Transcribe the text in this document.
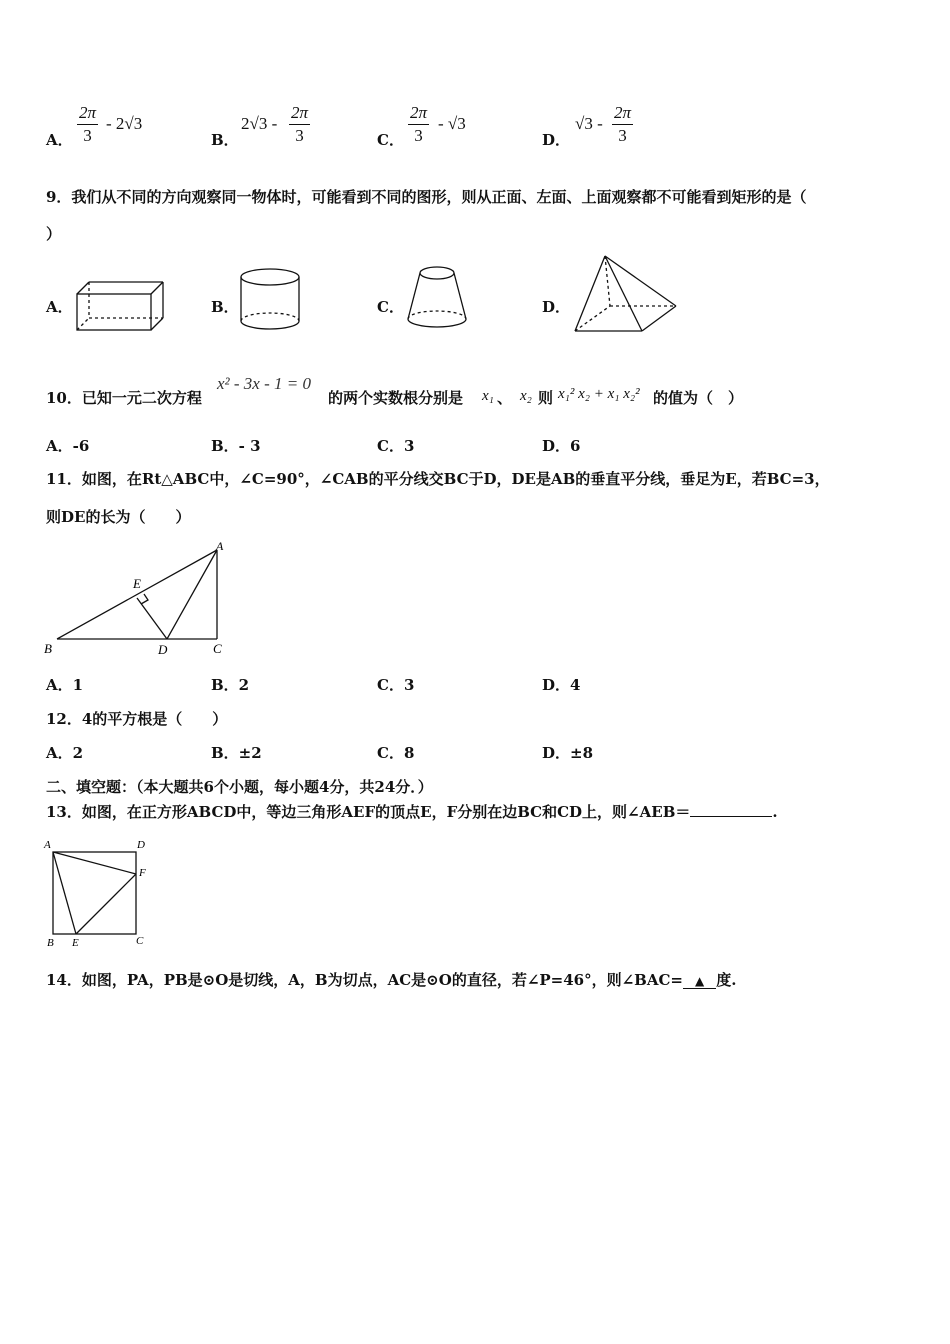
A． $\frac{2\pi}{3} - 2√3$
B．
$2√3 - \frac{2\pi}{3}$	C． $\frac{2\pi}{3} - √3$
D．
$√3 - \frac{2\pi}{3}$
9．我们从不同的方向观察同一物体时，可能看到不同的图形，则从正面、左面、上面观察都不可能看到矩形的是（
）
A．	B．	C．	D．
10．已知一元二次方程
x² - 3x - 1 = 0
的两个实数根分别是 x₁ 、 x₂ 则 x₁² x₂ + x₁ x₂² 的值为（　）
A．-6	B．- 3	C．3	D．6
11．如图，在Rt△ABC中，∠C=90°，∠CAB的平分线交BC于D，DE是AB的垂直平分线，垂足为E，若BC=3，
则DE的长为（　　）
A
B	C
D
E
A．1	B．2	C．3	D．4
12．4的平方根是（　　）
A．2	B．±2	C．8	D．±8
二、填空题：（本大题共6个小题，每小题4分，共24分．）
13．如图，在正方形ABCD中，等边三角形AEF的顶点E，F分别在边BC和CD上，则∠AEB＝	.
A	D
F
B E	C
14．如图，PA，PB是⊙O是切线，A，B为切点，AC是⊙O的直径，若∠P=46°，则∠BAC= ▲ 度.
